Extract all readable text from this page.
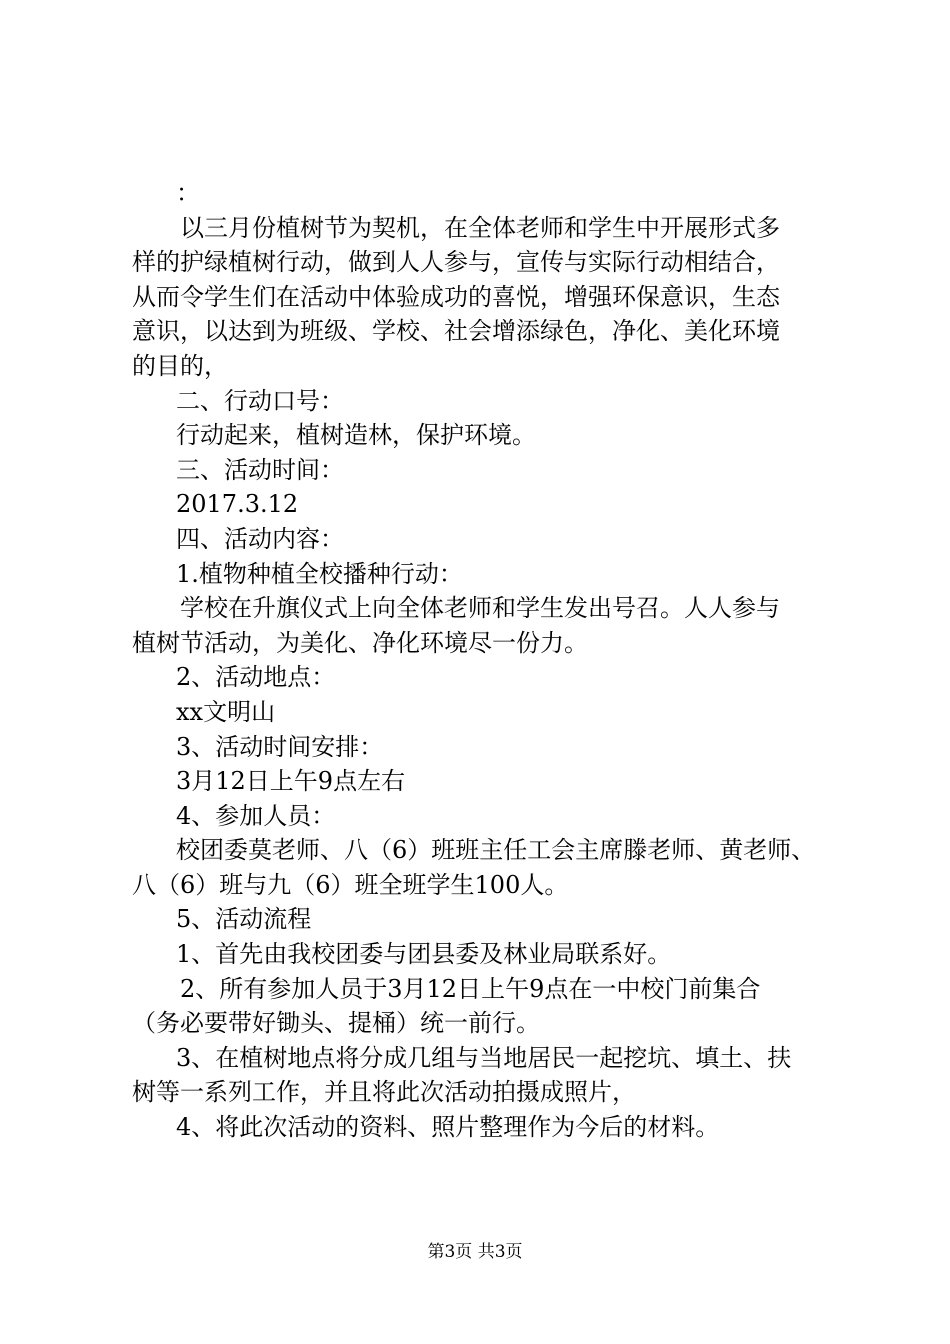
：
以三月份植树节为契机，在全体老师和学生中开展形式多
样的护绿植树行动，做到人人参与，宣传与实际行动相结合，
从而令学生们在活动中体验成功的喜悦，增强环保意识，生态
意识，以达到为班级、学校、社会增添绿色，净化、美化环境
的目的，
二、行动口号：
行动起来，植树造林，保护环境。
三、活动时间：
2017.3.12
四、活动内容：
1.植物种植全校播种行动：
学校在升旗仪式上向全体老师和学生发出号召。人人参与
植树节活动，为美化、净化环境尽一份力。
2、活动地点：
xx文明山
3、活动时间安排：
3月12日上午9点左右
4、参加人员：
校团委莫老师、八（6）班班主任工会主席滕老师、黄老师、
八（6）班与九（6）班全班学生100人。
5、活动流程
1、首先由我校团委与团县委及林业局联系好。
2、所有参加人员于3月12日上午9点在一中校门前集合
（务必要带好锄头、提桶）统一前行。
3、在植树地点将分成几组与当地居民一起挖坑、填土、扶
树等一系列工作，并且将此次活动拍摄成照片，
4、将此次活动的资料、照片整理作为今后的材料。
第3页 共3页
